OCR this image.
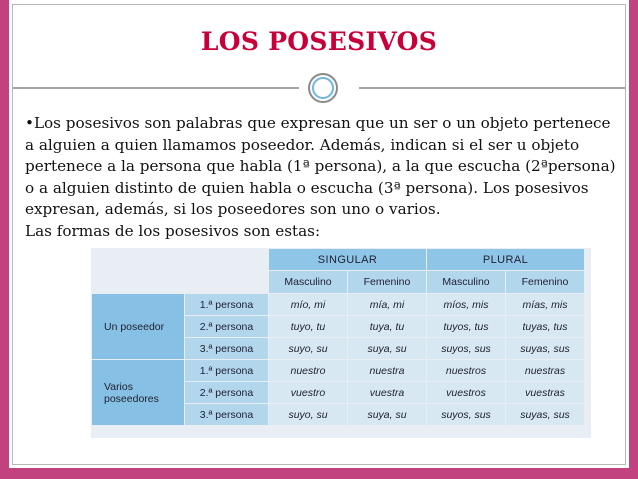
LOS POSESIVOS

•Los posesivos son palabras que expresan que un ser o un objeto pertenece

a alguien a quien llamamos poseedor. Además, indican si el ser u objeto

pertenece a la persona que habla (1ª persona), a la que escucha (2ªpersona)

o a alguien distinto de quien habla o escucha (3ª persona). Los posesivos

expresan, además, si los poseedores son uno o varios.

Las formas de los posesivos son estas:

		SINGULAR		PLURAL	
		Masculino	Femenino	Masculino	Femenino
Un poseedor	1.ª persona	mío, mi	mía, mi	míos, mis	mías, mis
	2.ª persona	tuyo, tu	tuya, tu	tuyos, tus	tuyas, tus
	3.ª persona	suyo, su	suya, su	suyos, sus	suyas, sus
Varios poseedores	1.ª persona	nuestro	nuestra	nuestros	nuestras
	2.ª persona	vuestro	vuestra	vuestros	vuestras
	3.ª persona	suyo, su	suya, su	suyos, sus	suyas, sus
